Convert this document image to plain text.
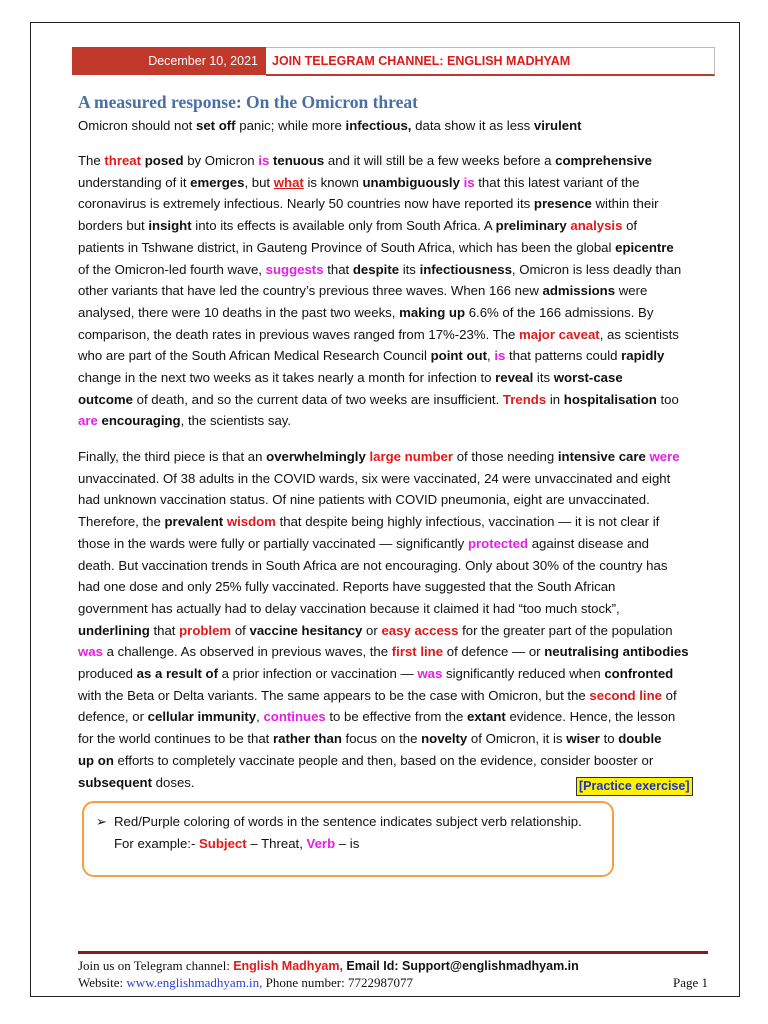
December 10, 2021	JOIN TELEGRAM CHANNEL: ENGLISH MADHYAM
A measured response: On the Omicron threat

Omicron should not set off panic; while more infectious, data show it as less virulent

The threat posed by Omicron is tenuous and it will still be a few weeks before a comprehensive
understanding of it emerges, but what is known unambiguously is that this latest variant of the
coronavirus is extremely infectious. Nearly 50 countries now have reported its presence within their
borders but insight into its effects is available only from South Africa. A preliminary analysis of
patients in Tshwane district, in Gauteng Province of South Africa, which has been the global epicentre
of the Omicron-led fourth wave, suggests that despite its infectiousness, Omicron is less deadly than
other variants that have led the country’s previous three waves. When 166 new admissions were
analysed, there were 10 deaths in the past two weeks, making up 6.6% of the 166 admissions. By
comparison, the death rates in previous waves ranged from 17%-23%. The major caveat, as scientists
who are part of the South African Medical Research Council point out, is that patterns could rapidly
change in the next two weeks as it takes nearly a month for infection to reveal its worst-case
outcome of death, and so the current data of two weeks are insufficient. Trends in hospitalisation too
are encouraging, the scientists say.
Finally, the third piece is that an overwhelmingly large number of those needing intensive care were
unvaccinated. Of 38 adults in the COVID wards, six were vaccinated, 24 were unvaccinated and eight
had unknown vaccination status. Of nine patients with COVID pneumonia, eight are unvaccinated.
Therefore, the prevalent wisdom that despite being highly infectious, vaccination — it is not clear if
those in the wards were fully or partially vaccinated — significantly protected against disease and
death. But vaccination trends in South Africa are not encouraging. Only about 30% of the country has
had one dose and only 25% fully vaccinated. Reports have suggested that the South African
government has actually had to delay vaccination because it claimed it had “too much stock”,
underlining that problem of vaccine hesitancy or easy access for the greater part of the population
was a challenge. As observed in previous waves, the first line of defence — or neutralising antibodies
produced as a result of a prior infection or vaccination — was significantly reduced when confronted
with the Beta or Delta variants. The same appears to be the case with Omicron, but the second line of
defence, or cellular immunity, continues to be effective from the extant evidence. Hence, the lesson
for the world continues to be that rather than focus on the novelty of Omicron, it is wiser to double
up on efforts to completely vaccinate people and then, based on the evidence, consider booster or
subsequent doses.	[Practice exercise]
➢ Red/Purple coloring of words in the sentence indicates subject verb relationship.
For example:- Subject – Threat, Verb – is
Join us on Telegram channel: English Madhyam, Email Id: Support@englishmadhyam.in
Website: www.englishmadhyam.in, Phone number: 7722987077	Page 1
